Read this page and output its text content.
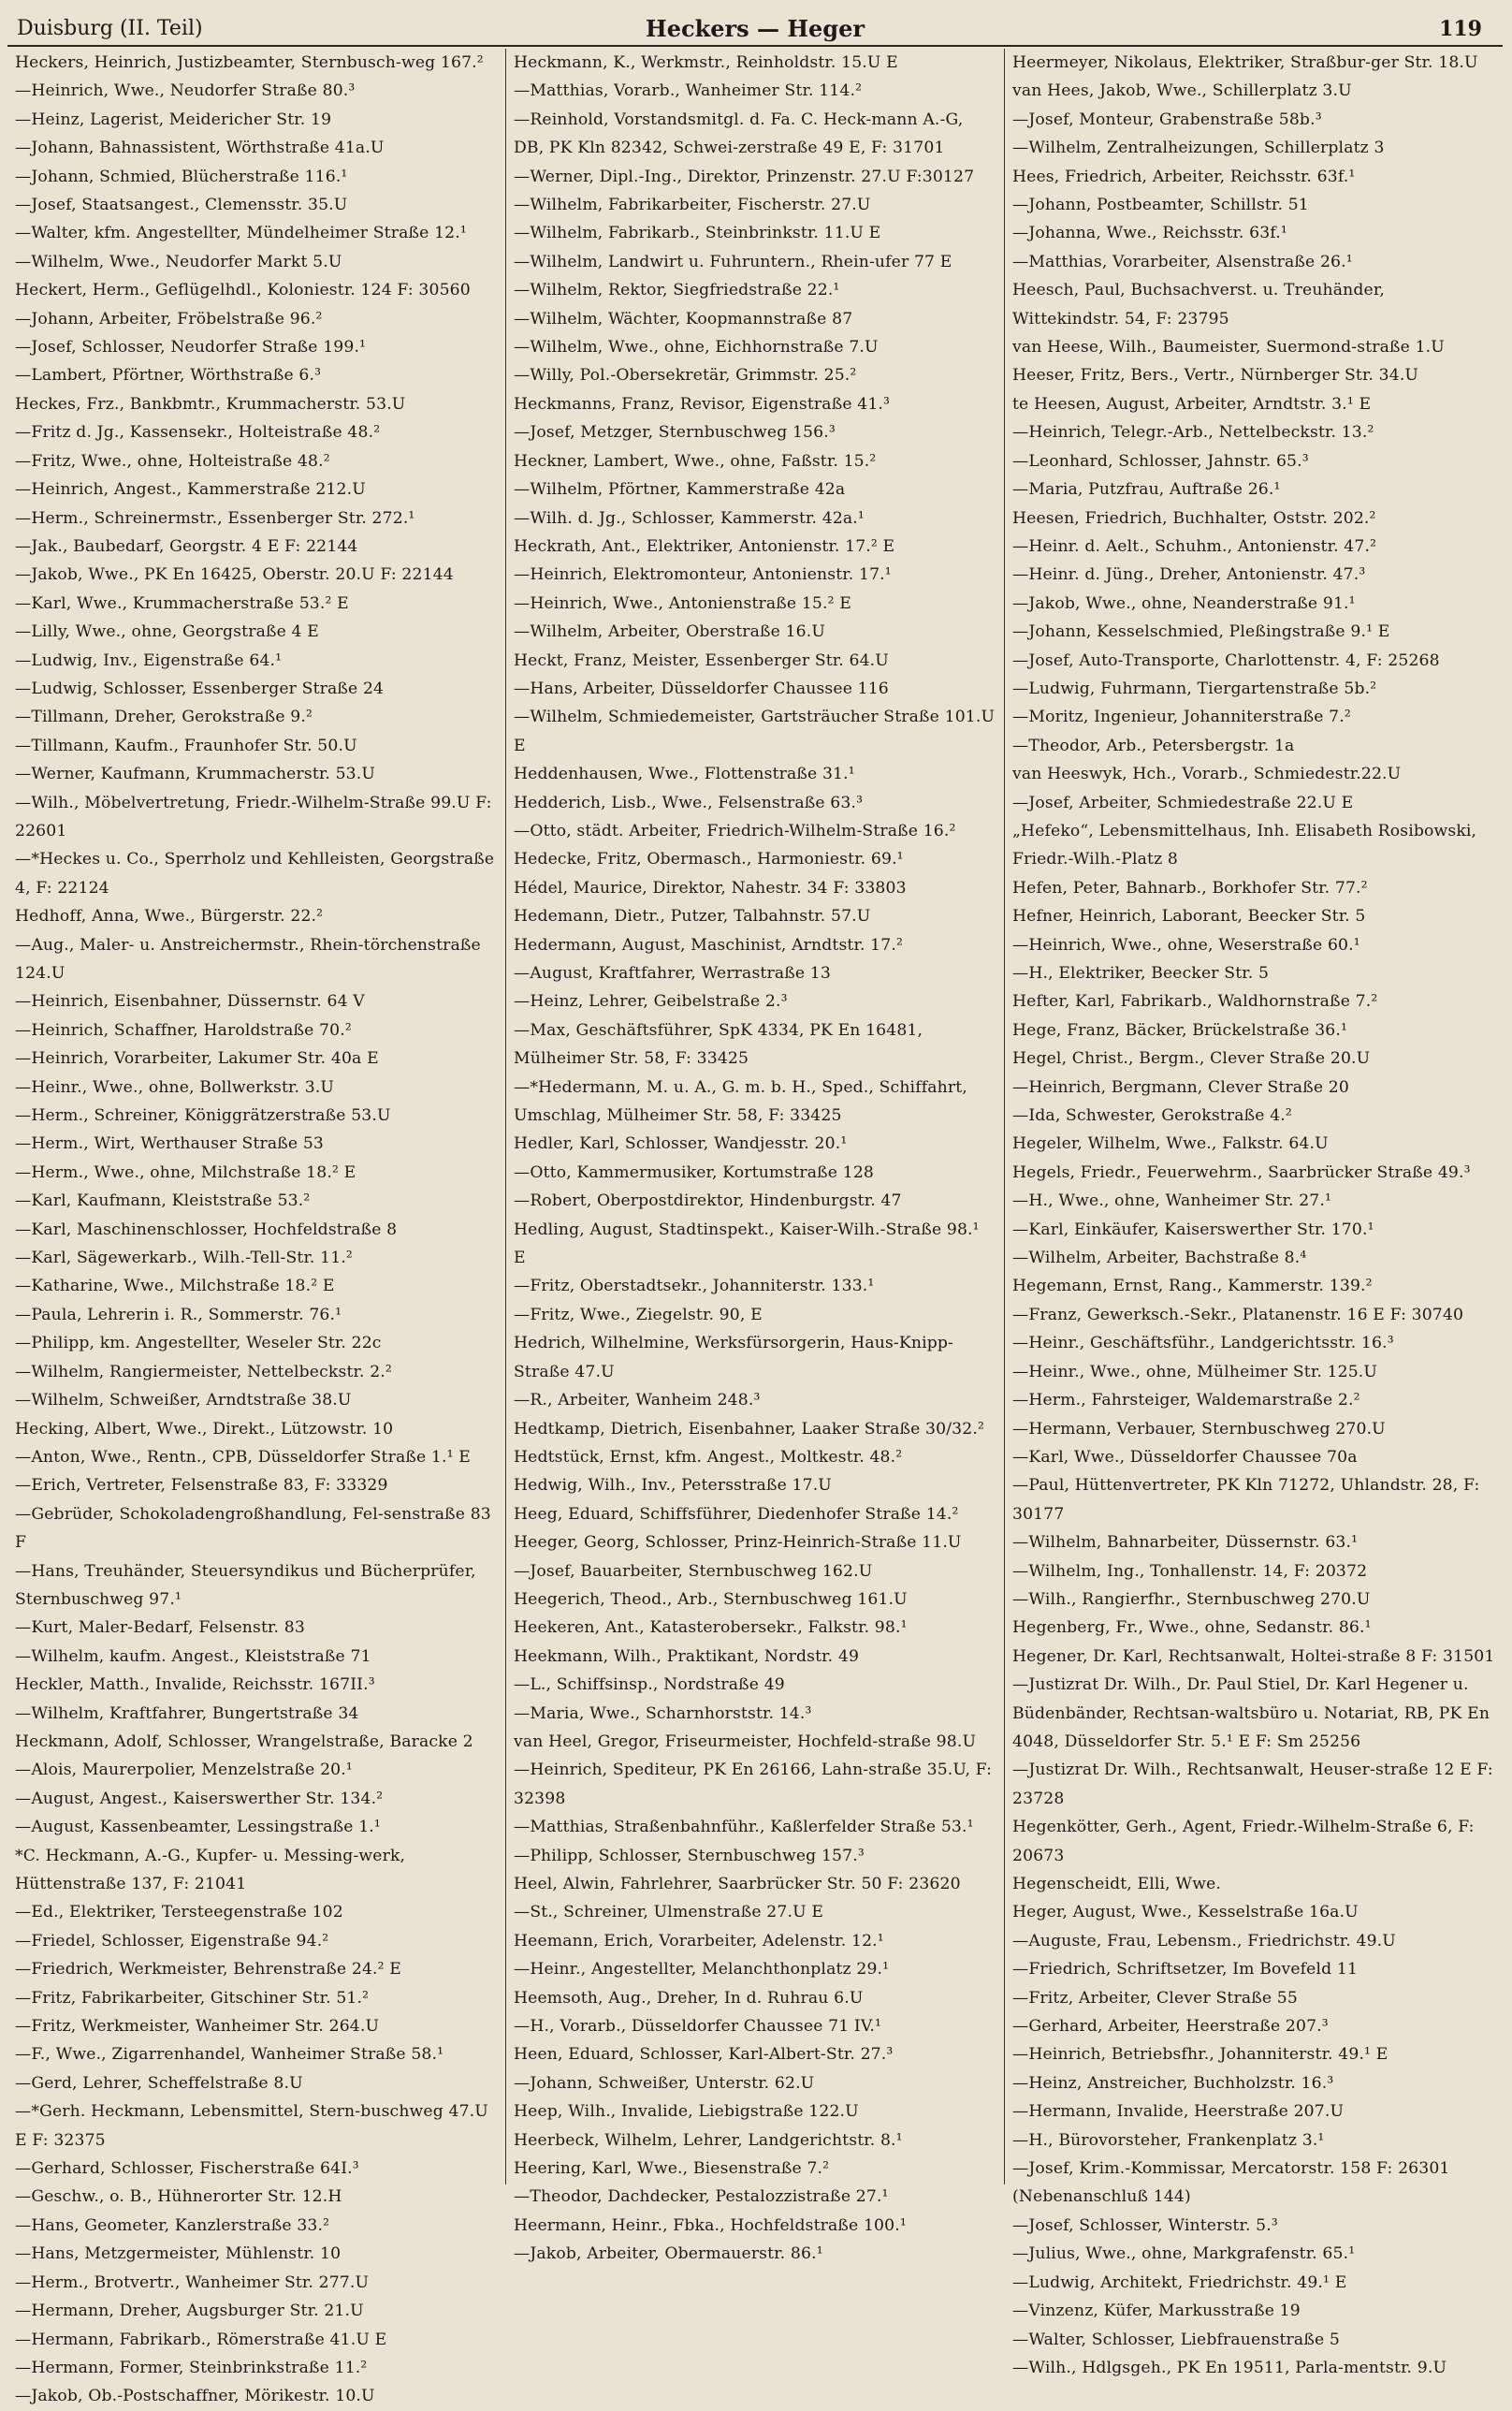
Duisburg (II. Teil)	Heckers — Heger	119
Heckers, Heinrich, Justizbeamter, Sternbusch-weg 167.²
—Heinrich, Wwe., Neudorfer Straße 80.³
—Heinz, Lagerist, Meidericher Str. 19
—Johann, Bahnassistent, Wörthstraße 41a.U
—Johann, Schmied, Blücherstraße 116.¹
—Josef, Staatsangest., Clemensstr. 35.U
—Walter, kfm. Angestellter, Mündelheimer Straße 12.¹
—Wilhelm, Wwe., Neudorfer Markt 5.U
Heckert, Herm., Geflügelhdl., Koloniestr. 124 F: 30560
—Johann, Arbeiter, Fröbelstraße 96.²
—Josef, Schlosser, Neudorfer Straße 199.¹
—Lambert, Pförtner, Wörthstraße 6.³
Heckes, Frz., Bankbmtr., Krummacherstr. 53.U
—Fritz d. Jg., Kassensekr., Holteistraße 48.²
—Fritz, Wwe., ohne, Holteistraße 48.²
—Heinrich, Angest., Kammerstraße 212.U
—Herm., Schreinermstr., Essenberger Str. 272.¹
—Jak., Baubedarf, Georgstr. 4 E F: 22144
—Jakob, Wwe., PK En 16425, Oberstr. 20.U F: 22144
—Karl, Wwe., Krummacherstraße 53.² E
—Lilly, Wwe., ohne, Georgstraße 4 E
—Ludwig, Inv., Eigenstraße 64.¹
—Ludwig, Schlosser, Essenberger Straße 24
—Tillmann, Dreher, Gerokstraße 9.²
—Tillmann, Kaufm., Fraunhofer Str. 50.U
—Werner, Kaufmann, Krummacherstr. 53.U
—Wilh., Möbelvertretung, Friedr.-Wilhelm-Straße 99.U F: 22601
—*Heckes u. Co., Sperrholz und Kehlleisten, Georgstraße 4, F: 22124
Hedhoff, Anna, Wwe., Bürgerstr. 22.²
—Aug., Maler- u. Anstreichermstr., Rhein-törchenstraße 124.U
—Heinrich, Eisenbahner, Düssernstr. 64 V
—Heinrich, Schaffner, Haroldstraße 70.²
—Heinrich, Vorarbeiter, Lakumer Str. 40a E
—Heinr., Wwe., ohne, Bollwerkstr. 3.U
—Herm., Schreiner, Königgrätzerstraße 53.U
—Herm., Wirt, Werthauser Straße 53
—Herm., Wwe., ohne, Milchstraße 18.² E
—Karl, Kaufmann, Kleiststraße 53.²
—Karl, Maschinenschlosser, Hochfeldstraße 8
—Karl, Sägewerkarb., Wilh.-Tell-Str. 11.²
—Katharine, Wwe., Milchstraße 18.² E
—Paula, Lehrerin i. R., Sommerstr. 76.¹
—Philipp, km. Angestellter, Weseler Str. 22c
—Wilhelm, Rangiermeister, Nettelbeckstr. 2.²
—Wilhelm, Schweißer, Arndtstraße 38.U
Hecking, Albert, Wwe., Direkt., Lützowstr. 10
—Anton, Wwe., Rentn., CPB, Düsseldorfer Straße 1.¹ E
—Erich, Vertreter, Felsenstraße 83, F: 33329
—Gebrüder, Schokoladengroßhandlung, Fel-senstraße 83 F
—Hans, Treuhänder, Steuersyndikus und Bücherprüfer, Sternbuschweg 97.¹
—Kurt, Maler-Bedarf, Felsenstr. 83
—Wilhelm, kaufm. Angest., Kleiststraße 71
Heckler, Matth., Invalide, Reichsstr. 167II.³
—Wilhelm, Kraftfahrer, Bungertstraße 34
Heckmann, Adolf, Schlosser, Wrangelstraße, Baracke 2
—Alois, Maurerpolier, Menzelstraße 20.¹
—August, Angest., Kaiserswerther Str. 134.²
—August, Kassenbeamter, Lessingstraße 1.¹
*C. Heckmann, A.-G., Kupfer- u. Messing-werk, Hüttenstraße 137, F: 21041
—Ed., Elektriker, Tersteegenstraße 102
—Friedel, Schlosser, Eigenstraße 94.²
—Friedrich, Werkmeister, Behrenstraße 24.² E
—Fritz, Fabrikarbeiter, Gitschiner Str. 51.²
—Fritz, Werkmeister, Wanheimer Str. 264.U
—F., Wwe., Zigarrenhandel, Wanheimer Straße 58.¹
—Gerd, Lehrer, Scheffelstraße 8.U
—*Gerh. Heckmann, Lebensmittel, Stern-buschweg 47.U E F: 32375
—Gerhard, Schlosser, Fischerstraße 64I.³
—Geschw., o. B., Hühnerorter Str. 12.H
—Hans, Geometer, Kanzlerstraße 33.²
—Hans, Metzgermeister, Mühlenstr. 10
—Herm., Brotvertr., Wanheimer Str. 277.U
—Hermann, Dreher, Augsburger Str. 21.U
—Hermann, Fabrikarb., Römerstraße 41.U E
—Hermann, Former, Steinbrinkstraße 11.²
—Jakob, Ob.-Postschaffner, Mörikestr. 10.U
Heckmann, K., Werkmstr., Reinholdstr. 15.U E
—Matthias, Vorarb., Wanheimer Str. 114.²
—Reinhold, Vorstandsmitgl. d. Fa. C. Heck-mann A.-G, DB, PK Kln 82342, Schwei-zerstraße 49 E, F: 31701
—Werner, Dipl.-Ing., Direktor, Prinzenstr. 27.U F:30127
—Wilhelm, Fabrikarbeiter, Fischerstr. 27.U
—Wilhelm, Fabrikarb., Steinbrinkstr. 11.U E
—Wilhelm, Landwirt u. Fuhruntern., Rhein-ufer 77 E
—Wilhelm, Rektor, Siegfriedstraße 22.¹
—Wilhelm, Wächter, Koopmannstraße 87
—Wilhelm, Wwe., ohne, Eichhornstraße 7.U
—Willy, Pol.-Obersekretär, Grimmstr. 25.²
Heckmanns, Franz, Revisor, Eigenstraße 41.³
—Josef, Metzger, Sternbuschweg 156.³
Heckner, Lambert, Wwe., ohne, Faßstr. 15.²
—Wilhelm, Pförtner, Kammerstraße 42a
—Wilh. d. Jg., Schlosser, Kammerstr. 42a.¹
Heckrath, Ant., Elektriker, Antonienstr. 17.² E
—Heinrich, Elektromonteur, Antonienstr. 17.¹
—Heinrich, Wwe., Antonienstraße 15.² E
—Wilhelm, Arbeiter, Oberstraße 16.U
Heckt, Franz, Meister, Essenberger Str. 64.U
—Hans, Arbeiter, Düsseldorfer Chaussee 116
—Wilhelm, Schmiedemeister, Gartsträucher Straße 101.U E
Heddenhausen, Wwe., Flottenstraße 31.¹
Hedderich, Lisb., Wwe., Felsenstraße 63.³
—Otto, städt. Arbeiter, Friedrich-Wilhelm-Straße 16.²
Hedecke, Fritz, Obermasch., Harmoniestr. 69.¹
Hédel, Maurice, Direktor, Nahestr. 34 F: 33803
Hedemann, Dietr., Putzer, Talbahnstr. 57.U
Hedermann, August, Maschinist, Arndtstr. 17.²
—August, Kraftfahrer, Werrastraße 13
—Heinz, Lehrer, Geibelstraße 2.³
—Max, Geschäftsführer, SpK 4334, PK En 16481, Mülheimer Str. 58, F: 33425
—*Hedermann, M. u. A., G. m. b. H., Sped., Schiffahrt, Umschlag, Mülheimer Str. 58, F: 33425
Hedler, Karl, Schlosser, Wandjesstr. 20.¹
—Otto, Kammermusiker, Kortumstraße 128
—Robert, Oberpostdirektor, Hindenburgstr. 47
Hedling, August, Stadtinspekt., Kaiser-Wilh.-Straße 98.¹ E
—Fritz, Oberstadtsekr., Johanniterstr. 133.¹
—Fritz, Wwe., Ziegelstr. 90, E
Hedrich, Wilhelmine, Werksfürsorgerin, Haus-Knipp-Straße 47.U
—R., Arbeiter, Wanheim 248.³
Hedtkamp, Dietrich, Eisenbahner, Laaker Straße 30/32.²
Hedtstück, Ernst, kfm. Angest., Moltkestr. 48.²
Hedwig, Wilh., Inv., Petersstraße 17.U
Heeg, Eduard, Schiffsführer, Diedenhofer Straße 14.²
Heeger, Georg, Schlosser, Prinz-Heinrich-Straße 11.U
—Josef, Bauarbeiter, Sternbuschweg 162.U
Heegerich, Theod., Arb., Sternbuschweg 161.U
Heekeren, Ant., Katasterobersekr., Falkstr. 98.¹
Heekmann, Wilh., Praktikant, Nordstr. 49
—L., Schiffsinsp., Nordstraße 49
—Maria, Wwe., Scharnhorststr. 14.³
van Heel, Gregor, Friseurmeister, Hochfeld-straße 98.U
—Heinrich, Spediteur, PK En 26166, Lahn-straße 35.U, F: 32398
—Matthias, Straßenbahnführ., Kaßlerfelder Straße 53.¹
—Philipp, Schlosser, Sternbuschweg 157.³
Heel, Alwin, Fahrlehrer, Saarbrücker Str. 50 F: 23620
—St., Schreiner, Ulmenstraße 27.U E
Heemann, Erich, Vorarbeiter, Adelenstr. 12.¹
—Heinr., Angestellter, Melanchthonplatz 29.¹
Heemsoth, Aug., Dreher, In d. Ruhrau 6.U
—H., Vorarb., Düsseldorfer Chaussee 71 IV.¹
Heen, Eduard, Schlosser, Karl-Albert-Str. 27.³
—Johann, Schweißer, Unterstr. 62.U
Heep, Wilh., Invalide, Liebigstraße 122.U
Heerbeck, Wilhelm, Lehrer, Landgerichtstr. 8.¹
Heering, Karl, Wwe., Biesenstraße 7.²
—Theodor, Dachdecker, Pestalozzistraße 27.¹
Heermann, Heinr., Fbka., Hochfeldstraße 100.¹
—Jakob, Arbeiter, Obermauerstr. 86.¹
Heermeyer, Nikolaus, Elektriker, Straßbur-ger Str. 18.U
van Hees, Jakob, Wwe., Schillerplatz 3.U
—Josef, Monteur, Grabenstraße 58b.³
—Wilhelm, Zentralheizungen, Schillerplatz 3
Hees, Friedrich, Arbeiter, Reichsstr. 63f.¹
—Johann, Postbeamter, Schillstr. 51
—Johanna, Wwe., Reichsstr. 63f.¹
—Matthias, Vorarbeiter, Alsenstraße 26.¹
Heesch, Paul, Buchsachverst. u. Treuhänder, Wittekindstr. 54, F: 23795
van Heese, Wilh., Baumeister, Suermond-straße 1.U
Heeser, Fritz, Bers., Vertr., Nürnberger Str. 34.U
te Heesen, August, Arbeiter, Arndtstr. 3.¹ E
—Heinrich, Telegr.-Arb., Nettelbeckstr. 13.²
—Leonhard, Schlosser, Jahnstr. 65.³
—Maria, Putzfrau, Auftraße 26.¹
Heesen, Friedrich, Buchhalter, Oststr. 202.²
—Heinr. d. Aelt., Schuhm., Antonienstr. 47.²
—Heinr. d. Jüng., Dreher, Antonienstr. 47.³
—Jakob, Wwe., ohne, Neanderstraße 91.¹
—Johann, Kesselschmied, Pleßingstraße 9.¹ E
—Josef, Auto-Transporte, Charlottenstr. 4, F: 25268
—Ludwig, Fuhrmann, Tiergartenstraße 5b.²
—Moritz, Ingenieur, Johanniterstraße 7.²
—Theodor, Arb., Petersbergstr. 1a
van Heeswyk, Hch., Vorarb., Schmiedestr.22.U
—Josef, Arbeiter, Schmiedestraße 22.U E
„Hefeko“, Lebensmittelhaus, Inh. Elisabeth Rosibowski, Friedr.-Wilh.-Platz 8
Hefen, Peter, Bahnarb., Borkhofer Str. 77.²
Hefner, Heinrich, Laborant, Beecker Str. 5
—Heinrich, Wwe., ohne, Weserstraße 60.¹
—H., Elektriker, Beecker Str. 5
Hefter, Karl, Fabrikarb., Waldhornstraße 7.²
Hege, Franz, Bäcker, Brückelstraße 36.¹
Hegel, Christ., Bergm., Clever Straße 20.U
—Heinrich, Bergmann, Clever Straße 20
—Ida, Schwester, Gerokstraße 4.²
Hegeler, Wilhelm, Wwe., Falkstr. 64.U
Hegels, Friedr., Feuerwehrm., Saarbrücker Straße 49.³
—H., Wwe., ohne, Wanheimer Str. 27.¹
—Karl, Einkäufer, Kaiserswerther Str. 170.¹
—Wilhelm, Arbeiter, Bachstraße 8.⁴
Hegemann, Ernst, Rang., Kammerstr. 139.²
—Franz, Gewerksch.-Sekr., Platanenstr. 16 E F: 30740
—Heinr., Geschäftsführ., Landgerichtsstr. 16.³
—Heinr., Wwe., ohne, Mülheimer Str. 125.U
—Herm., Fahrsteiger, Waldemarstraße 2.²
—Hermann, Verbauer, Sternbuschweg 270.U
—Karl, Wwe., Düsseldorfer Chaussee 70a
—Paul, Hüttenvertreter, PK Kln 71272, Uhlandstr. 28, F: 30177
—Wilhelm, Bahnarbeiter, Düssernstr. 63.¹
—Wilhelm, Ing., Tonhallenstr. 14, F: 20372
—Wilh., Rangierfhr., Sternbuschweg 270.U
Hegenberg, Fr., Wwe., ohne, Sedanstr. 86.¹
Hegener, Dr. Karl, Rechtsanwalt, Holtei-straße 8 F: 31501
—Justizrat Dr. Wilh., Dr. Paul Stiel, Dr. Karl Hegener u. Büdenbänder, Rechtsan-waltsbüro u. Notariat, RB, PK En 4048, Düsseldorfer Str. 5.¹ E F: Sm 25256
—Justizrat Dr. Wilh., Rechtsanwalt, Heuser-straße 12 E F: 23728
Hegenkötter, Gerh., Agent, Friedr.-Wilhelm-Straße 6, F: 20673
Hegenscheidt, Elli, Wwe.
Heger, August, Wwe., Kesselstraße 16a.U
—Auguste, Frau, Lebensm., Friedrichstr. 49.U
—Friedrich, Schriftsetzer, Im Bovefeld 11
—Fritz, Arbeiter, Clever Straße 55
—Gerhard, Arbeiter, Heerstraße 207.³
—Heinrich, Betriebsfhr., Johanniterstr. 49.¹ E
—Heinz, Anstreicher, Buchholzstr. 16.³
—Hermann, Invalide, Heerstraße 207.U
—H., Bürovorsteher, Frankenplatz 3.¹
—Josef, Krim.-Kommissar, Mercatorstr. 158 F: 26301 (Nebenanschluß 144)
—Josef, Schlosser, Winterstr. 5.³
—Julius, Wwe., ohne, Markgrafenstr. 65.¹
—Ludwig, Architekt, Friedrichstr. 49.¹ E
—Vinzenz, Küfer, Markusstraße 19
—Walter, Schlosser, Liebfrauenstraße 5
—Wilh., Hdlgsgeh., PK En 19511, Parla-mentstr. 9.U
